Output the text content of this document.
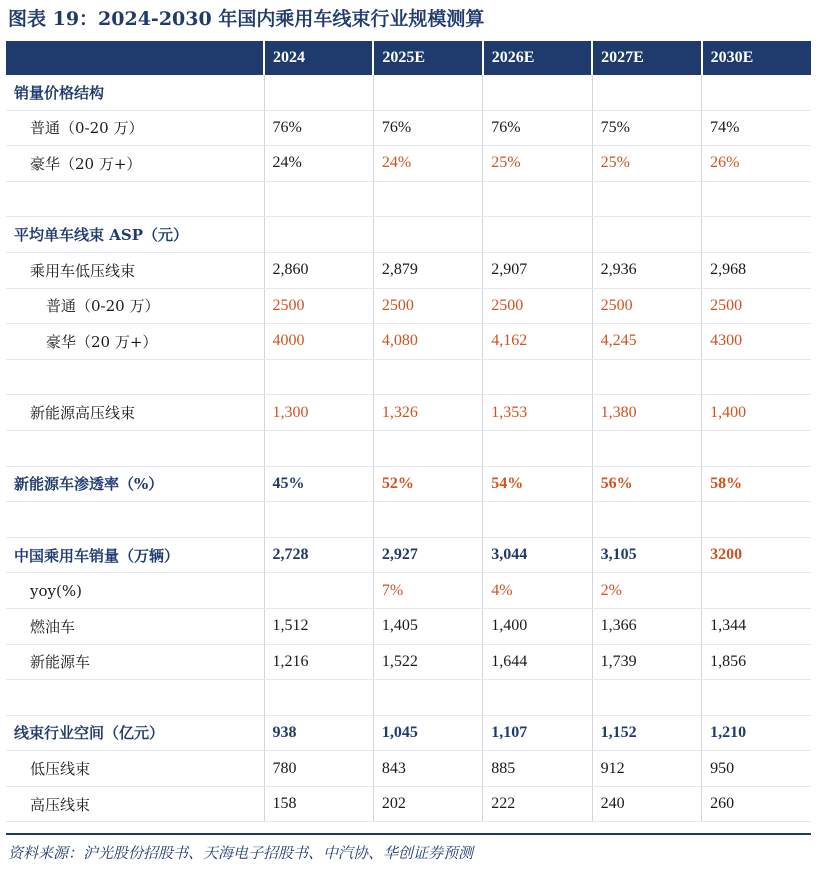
图表 19：2024-2030 年国内乘用车线束行业规模测算
	2024	2025E	2026E	2027E	2030E
销量价格结构					
普通（0-20 万）	76%	76%	76%	75%	74%
豪华（20 万+）	24%	24%	25%	25%	26%

平均单车线束 ASP（元）					
乘用车低压线束	2,860	2,879	2,907	2,936	2,968
普通（0-20 万）	2500	2500	2500	2500	2500
豪华（20 万+）	4000	4,080	4,162	4,245	4300

新能源高压线束	1,300	1,326	1,353	1,380	1,400

新能源车渗透率（%）	45%	52%	54%	56%	58%

中国乘用车销量（万辆）	2,728	2,927	3,044	3,105	3200
yoy(%)		7%	4%	2%	
燃油车	1,512	1,405	1,400	1,366	1,344
新能源车	1,216	1,522	1,644	1,739	1,856

线束行业空间（亿元）	938	1,045	1,107	1,152	1,210
低压线束	780	843	885	912	950
高压线束	158	202	222	240	260
资料来源：沪光股份招股书、天海电子招股书、中汽协、华创证券预测
